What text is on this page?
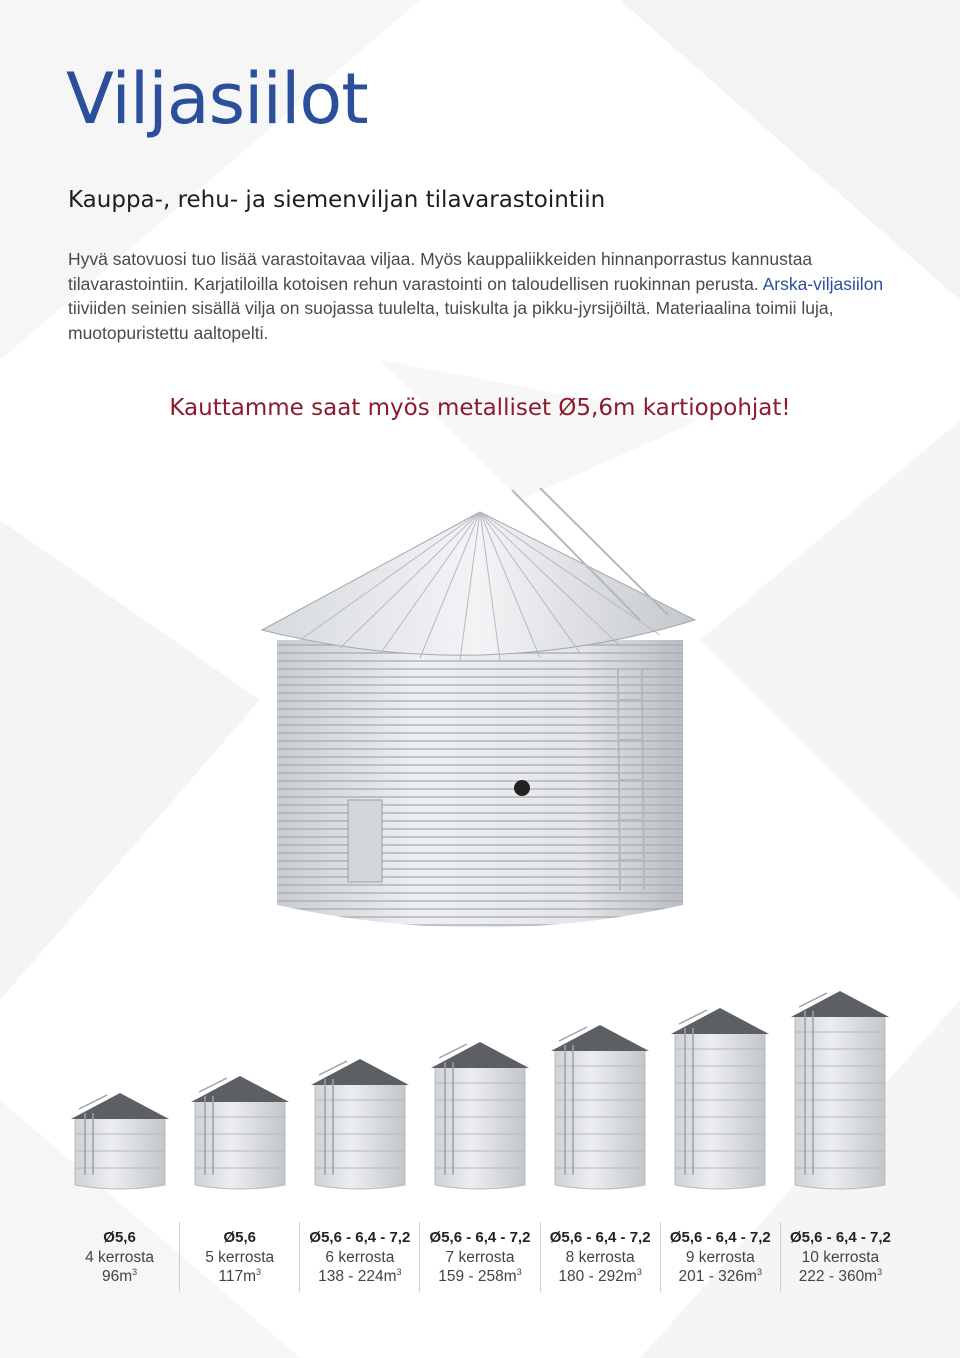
Viljasiilot
Kauppa-, rehu- ja siemenviljan tilavarastointiin

Hyvä satovuosi tuo lisää varastoitavaa viljaa. Myös kauppaliikkeiden hinnanporrastus kannustaa tilavarastointiin. Karjatiloilla kotoisen rehun varastointi on taloudellisen ruokinnan perusta. Arska-viljasiilon tiiviiden seinien sisällä vilja on suojassa tuulelta, tuiskulta ja pikku-jyrsijöiltä. Materiaalina toimii luja, muotopuristettu aaltopelti.

Kauttamme saat myös metalliset Ø5,6m kartiopohjat!

Ø5,6
4 kerrosta
$96m^3$
Ø5,6
5 kerrosta
$117m^3$
Ø5,6 - 6,4 - 7,2
6 kerrosta
$138 - 224m^3$
Ø5,6 - 6,4 - 7,2
7 kerrosta
$159 - 258m^3$
Ø5,6 - 6,4 - 7,2
8 kerrosta
$180 - 292m^3$
Ø5,6 - 6,4 - 7,2
9 kerrosta
$201 - 326m^3$
Ø5,6 - 6,4 - 7,2
10 kerrosta
$222 - 360m^3$
